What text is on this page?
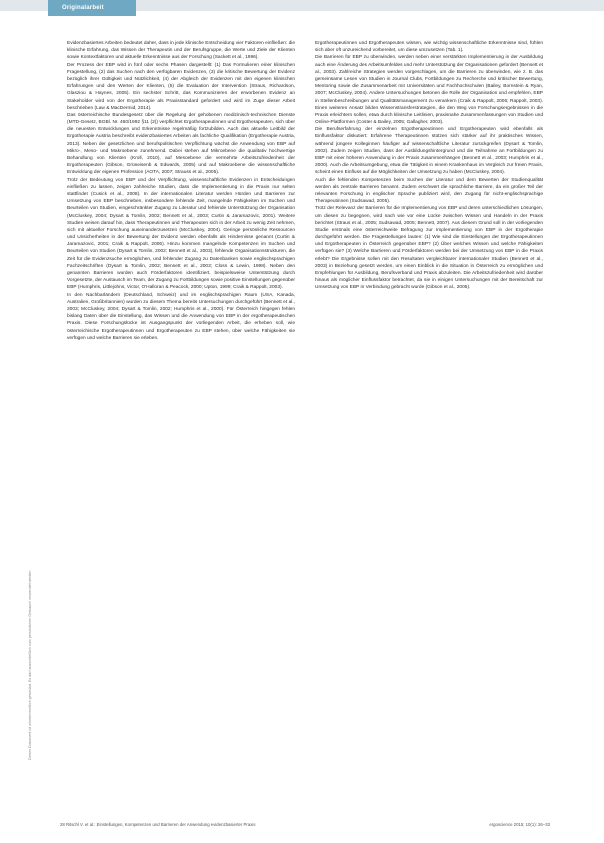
Originalarbeit
Dieses Dokument ist urheberrechtlich geschützt. Es darf ausschließlich zum persönlichen Gebrauch verwendet werden.

Evidenzbasiertes Arbeiten bedeutet daher, dass in jede klinische Entscheidung vier Faktoren einfließen: die klinische Erfahrung, das Wissen der Therapeutin und der Berufsgruppe, die Werte und Ziele der Klienten sowie Kontextfaktoren und aktuelle Erkenntnisse aus der Forschung (Sackett et al., 1996).

Der Prozess der EBP wird in fünf oder sechs Phasen dargestellt: (1) Das Formulieren einer klinischen Fragestellung, (2) das Suchen nach den verfügbaren Evidenzen, (3) die kritische Bewertung der Evidenz bezüglich ihrer Gültigkeit und Nützlichkeit, (4) der Abgleich der Evidenzen mit den eigenen klinischen Erfahrungen und den Werten der Klienten, (5) die Evaluation der Intervention (Straus, Richardson, Glasziou & Haynes, 2005). Ein sechster Schritt, das Kommunizieren der erworbenen Evidenz an Stakeholder wird von der Ergotherapie als Praxisstandard gefordert und wird im Zuge dieser Arbeit beschrieben (Law & MacDermid, 2014).

Das österreichische Bundesgesetz über die Regelung der gehobenen medizinisch-technischen Dienste (MTD-Gesetz, BGBl. Nr. 460/1992 §11 (2)) verpflichtet Ergotherapeutinnen und Ergotherapeuten, sich über die neuesten Entwicklungen und Erkenntnisse regelmäßig fortzubilden. Auch das aktuelle Leitbild der Ergotherapie Austria beschreibt evidenzbasiertes Arbeiten als fachliche Qualifikation (Ergotherapie Austria, 2013). Neben der gesetzlichen und berufspolitischen Verpflichtung wächst die Anwendung von EBP auf Mikro-, Meso- und Makroebene zunehmend. Dabei stehen auf Mikroebene die qualitativ hochwertige Behandlung von Klienten (Kroll, 2010), auf Mesoebene die vermehrte Arbeitszufriedenheit der Ergotherapeuten (Gibson, Grüneisenb & Edwards, 2005) und auf Makroebene die wissenschaftliche Entwicklung der eigenen Profession (AOTA, 2007; Strauss et al., 2005).

Trotz der Bedeutung von EBP und der Verpflichtung, wissenschaftliche Evidenzen in Entscheidungen einfließen zu lassen, zeigen zahlreiche Studien, dass die Implementierung in die Praxis nur selten stattfindet (Cusick et al., 2008). In der internationalen Literatur werden Hürden und Barrieren zur Umsetzung von EBP beschrieben, insbesondere fehlende Zeit, mangelnde Fähigkeiten im Suchen und Beurteilen von Studien, eingeschränkter Zugang zu Literatur und fehlende Unterstützung der Organisation (McCluskey, 2004; Dysart & Tomlin, 2002; Bennett et al., 2003; Curtin & Jaramazovic, 2001). Weitere Studien weisen darauf hin, dass Therapeutinnen und Therapeuten sich in der Arbeit zu wenig Zeit nehmen, sich mit aktueller Forschung auseinanderzusetzen (McCluskey, 2004). Geringe persönliche Ressourcen und Unsicherheiten in der Bewertung der Evidenz werden ebenfalls als Hindernisse genannt (Curtin & Jaramazovic, 2001; Craik & Rappolt, 2006). Hinzu kommen mangelnde Kompetenzen im Suchen und Beurteilen von Studien (Dysart & Tomlin, 2002; Bennett et al., 2003), fehlende Organisationsstrukturen, die Zeit für die Evidenzsuche ermöglichen, und fehlender Zugang zu Datenbanken sowie englischsprachigen Fachzeitschriften (Dysart & Tomlin, 2002; Bennett et al., 2003; Closs & Lewin, 1998). Neben den genannten Barrieren wurden auch Förderfaktoren identifiziert, beispielsweise Unterstützung durch Vorgesetzte, der Austausch im Team, der Zugang zu Fortbildungen sowie positive Einstellungen gegenüber EBP (Humphris, Littlejohns, Victor, O'Halloran & Peacock, 2000; Upton, 1999; Craik & Rappolt, 2003).

In den Nachbarländern (Deutschland, Schweiz) und im englischsprachigen Raum (USA, Kanada, Australien, Großbritannien) wurden zu diesem Thema bereits Untersuchungen durchgeführt (Bennett et al., 2003; McCluskey, 2004; Dysart & Tomlin, 2002; Humphris et al., 2000). Für Österreich hingegen fehlen bislang Daten über die Einstellung, das Wissen und die Anwendung von EBP in der ergotherapeutischen Praxis. Diese Forschungslücke ist Ausgangspunkt der vorliegenden Arbeit, die erheben soll, wie österreichische Ergotherapeutinnen und Ergotherapeuten zu EBP stehen, über welche Fähigkeiten sie verfügen und welche Barrieren sie erleben.

Ergotherapeutinnen und Ergotherapeuten wissen, wie wichtig wissenschaftliche Erkenntnisse sind, fühlen sich aber oft unzureichend vorbereitet, um diese umzusetzen (Tab. 1).

Die Barrieren für EBP zu überwinden, werden neben einer verstärkten Implementierung in der Ausbildung auch eine Änderung des Arbeitsumfeldes und mehr Unterstützung der Organisationen gefordert (Bennett et al., 2003). Zahlreiche Strategien werden vorgeschlagen, um die Barrieren zu überwinden, wie z. B. das gemeinsame Lesen von Studien in Journal Clubs, Fortbildungen zu Recherche und kritischer Bewertung, Mentoring sowie die Zusammenarbeit mit Universitäten und Fachhochschulen (Bailey, Bornstein & Ryan, 2007; McCluskey, 2004). Andere Untersuchungen betonen die Rolle der Organisation und empfehlen, EBP in Stellenbeschreibungen und Qualitätsmanagement zu verankern (Craik & Rappolt, 2006; Rappolt, 2003). Einen weiteren Ansatz bilden Wissenstransferstrategien, die den Weg von Forschungsergebnissen in die Praxis erleichtern sollen, etwa durch klinische Leitlinien, praxisnahe Zusammenfassungen von Studien und Online-Plattformen (Coster & Bailey, 2005; Gallagher, 2003).

Die Berufserfahrung der einzelnen Ergotherapeutinnen und Ergotherapeuten wird ebenfalls als Einflussfaktor diskutiert: Erfahrene Therapeutinnen stützen sich stärker auf ihr praktisches Wissen, während jüngere Kolleginnen häufiger auf wissenschaftliche Literatur zurückgreifen (Dysart & Tomlin, 2002). Zudem zeigen Studien, dass der Ausbildungshintergrund und die Teilnahme an Fortbildungen zu EBP mit einer höheren Anwendung in der Praxis zusammenhängen (Bennett et al., 2003; Humphris et al., 2000). Auch die Arbeitsumgebung, etwa die Tätigkeit in einem Krankenhaus im Vergleich zur freien Praxis, scheint einen Einfluss auf die Möglichkeiten der Umsetzung zu haben (McCluskey, 2004).

Auch die fehlenden Kompetenzen beim Suchen der Literatur und dem Bewerten der Studienqualität werden als zentrale Barrieren benannt. Zudem erschwert die sprachliche Barriere, da ein großer Teil der relevanten Forschung in englischer Sprache publiziert wird, den Zugang für nicht-englischsprachige Therapeutinnen (Sudsawad, 2005).

Trotz der Relevanz der Barrieren für die Implementierung von EBP und deren unterschiedlichen Lösungen, um diesen zu begegnen, wird nach wie vor eine Lücke zwischen Wissen und Handeln in der Praxis berichtet (Straus et al., 2005; Sudsawad, 2005; Bennett, 2007). Aus diesem Grund soll in der vorliegenden Studie erstmals eine österreichweite Befragung zur Implementierung von EBP in der Ergotherapie durchgeführt werden. Die Fragestellungen lauten: (1) Wie sind die Einstellungen der Ergotherapeutinnen und Ergotherapeuten in Österreich gegenüber EBP? (2) Über welches Wissen und welche Fähigkeiten verfügen sie? (3) Welche Barrieren und Förderfaktoren werden bei der Umsetzung von EBP in die Praxis erlebt? Die Ergebnisse sollen mit den Resultaten vergleichbarer internationaler Studien (Bennett et al., 2003) in Beziehung gesetzt werden, um einen Einblick in die Situation in Österreich zu ermöglichen und Empfehlungen für Ausbildung, Berufsverband und Praxis abzuleiten. Die Arbeitszufriedenheit wird darüber hinaus als möglicher Einflussfaktor betrachtet, da sie in einigen Untersuchungen mit der Bereitschaft zur Umsetzung von EBP in Verbindung gebracht wurde (Gibson et al., 2005).

28 Ritschl V. et al.: Einstellungen, Kompetenzen und Barrieren der Anwendung evidenzbasierter Praxis	ergoscience 2015; 10(1): 26–33
